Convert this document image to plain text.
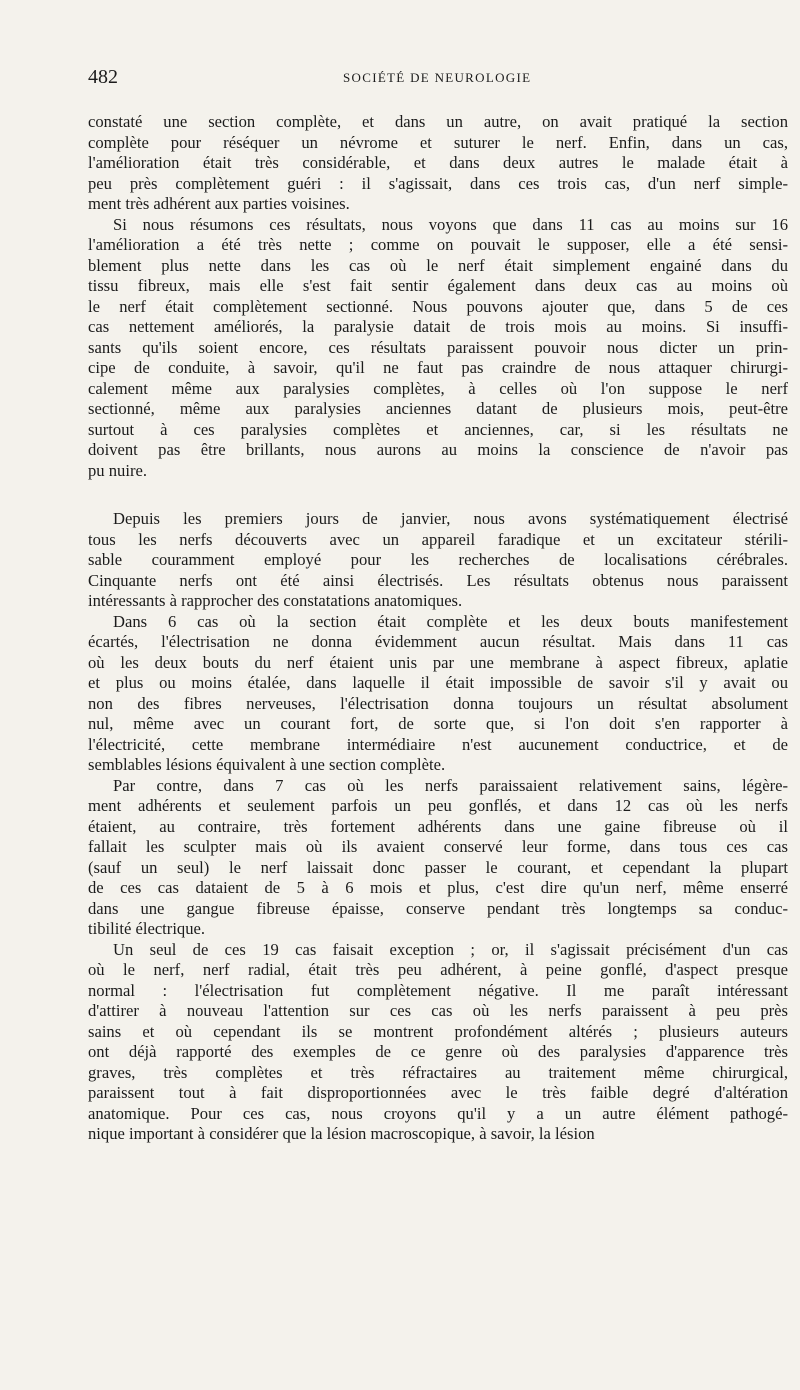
482	SOCIÉTÉ DE NEUROLOGIE
constaté une section complète, et dans un autre, on avait pratiqué la section
complète pour réséquer un névrome et suturer le nerf. Enfin, dans un cas,
l'amélioration était très considérable, et dans deux autres le malade était à
peu près complètement guéri : il s'agissait, dans ces trois cas, d'un nerf simple-
ment très adhérent aux parties voisines.
Si nous résumons ces résultats, nous voyons que dans 11 cas au moins sur 16
l'amélioration a été très nette ; comme on pouvait le supposer, elle a été sensi-
blement plus nette dans les cas où le nerf était simplement engainé dans du
tissu fibreux, mais elle s'est fait sentir également dans deux cas au moins où
le nerf était complètement sectionné. Nous pouvons ajouter que, dans 5 de ces
cas nettement améliorés, la paralysie datait de trois mois au moins. Si insuffi-
sants qu'ils soient encore, ces résultats paraissent pouvoir nous dicter un prin-
cipe de conduite, à savoir, qu'il ne faut pas craindre de nous attaquer chirurgi-
calement même aux paralysies complètes, à celles où l'on suppose le nerf
sectionné, même aux paralysies anciennes datant de plusieurs mois, peut-être
surtout à ces paralysies complètes et anciennes, car, si les résultats ne
doivent pas être brillants, nous aurons au moins la conscience de n'avoir pas
pu nuire.
Depuis les premiers jours de janvier, nous avons systématiquement électrisé
tous les nerfs découverts avec un appareil faradique et un excitateur stérili-
sable couramment employé pour les recherches de localisations cérébrales.
Cinquante nerfs ont été ainsi électrisés. Les résultats obtenus nous paraissent
intéressants à rapprocher des constatations anatomiques.
Dans 6 cas où la section était complète et les deux bouts manifestement
écartés, l'électrisation ne donna évidemment aucun résultat. Mais dans 11 cas
où les deux bouts du nerf étaient unis par une membrane à aspect fibreux, aplatie
et plus ou moins étalée, dans laquelle il était impossible de savoir s'il y avait ou
non des fibres nerveuses, l'électrisation donna toujours un résultat absolument
nul, même avec un courant fort, de sorte que, si l'on doit s'en rapporter à
l'électricité, cette membrane intermédiaire n'est aucunement conductrice, et de
semblables lésions équivalent à une section complète.
Par contre, dans 7 cas où les nerfs paraissaient relativement sains, légère-
ment adhérents et seulement parfois un peu gonflés, et dans 12 cas où les nerfs
étaient, au contraire, très fortement adhérents dans une gaine fibreuse où il
fallait les sculpter mais où ils avaient conservé leur forme, dans tous ces cas
(sauf un seul) le nerf laissait donc passer le courant, et cependant la plupart
de ces cas dataient de 5 à 6 mois et plus, c'est dire qu'un nerf, même enserré
dans une gangue fibreuse épaisse, conserve pendant très longtemps sa conduc-
tibilité électrique.
Un seul de ces 19 cas faisait exception ; or, il s'agissait précisément d'un cas
où le nerf, nerf radial, était très peu adhérent, à peine gonflé, d'aspect presque
normal : l'électrisation fut complètement négative. Il me paraît intéressant
d'attirer à nouveau l'attention sur ces cas où les nerfs paraissent à peu près
sains et où cependant ils se montrent profondément altérés ; plusieurs auteurs
ont déjà rapporté des exemples de ce genre où des paralysies d'apparence très
graves, très complètes et très réfractaires au traitement même chirurgical,
paraissent tout à fait disproportionnées avec le très faible degré d'altération
anatomique. Pour ces cas, nous croyons qu'il y a un autre élément pathogé-
nique important à considérer que la lésion macroscopique, à savoir, la lésion
